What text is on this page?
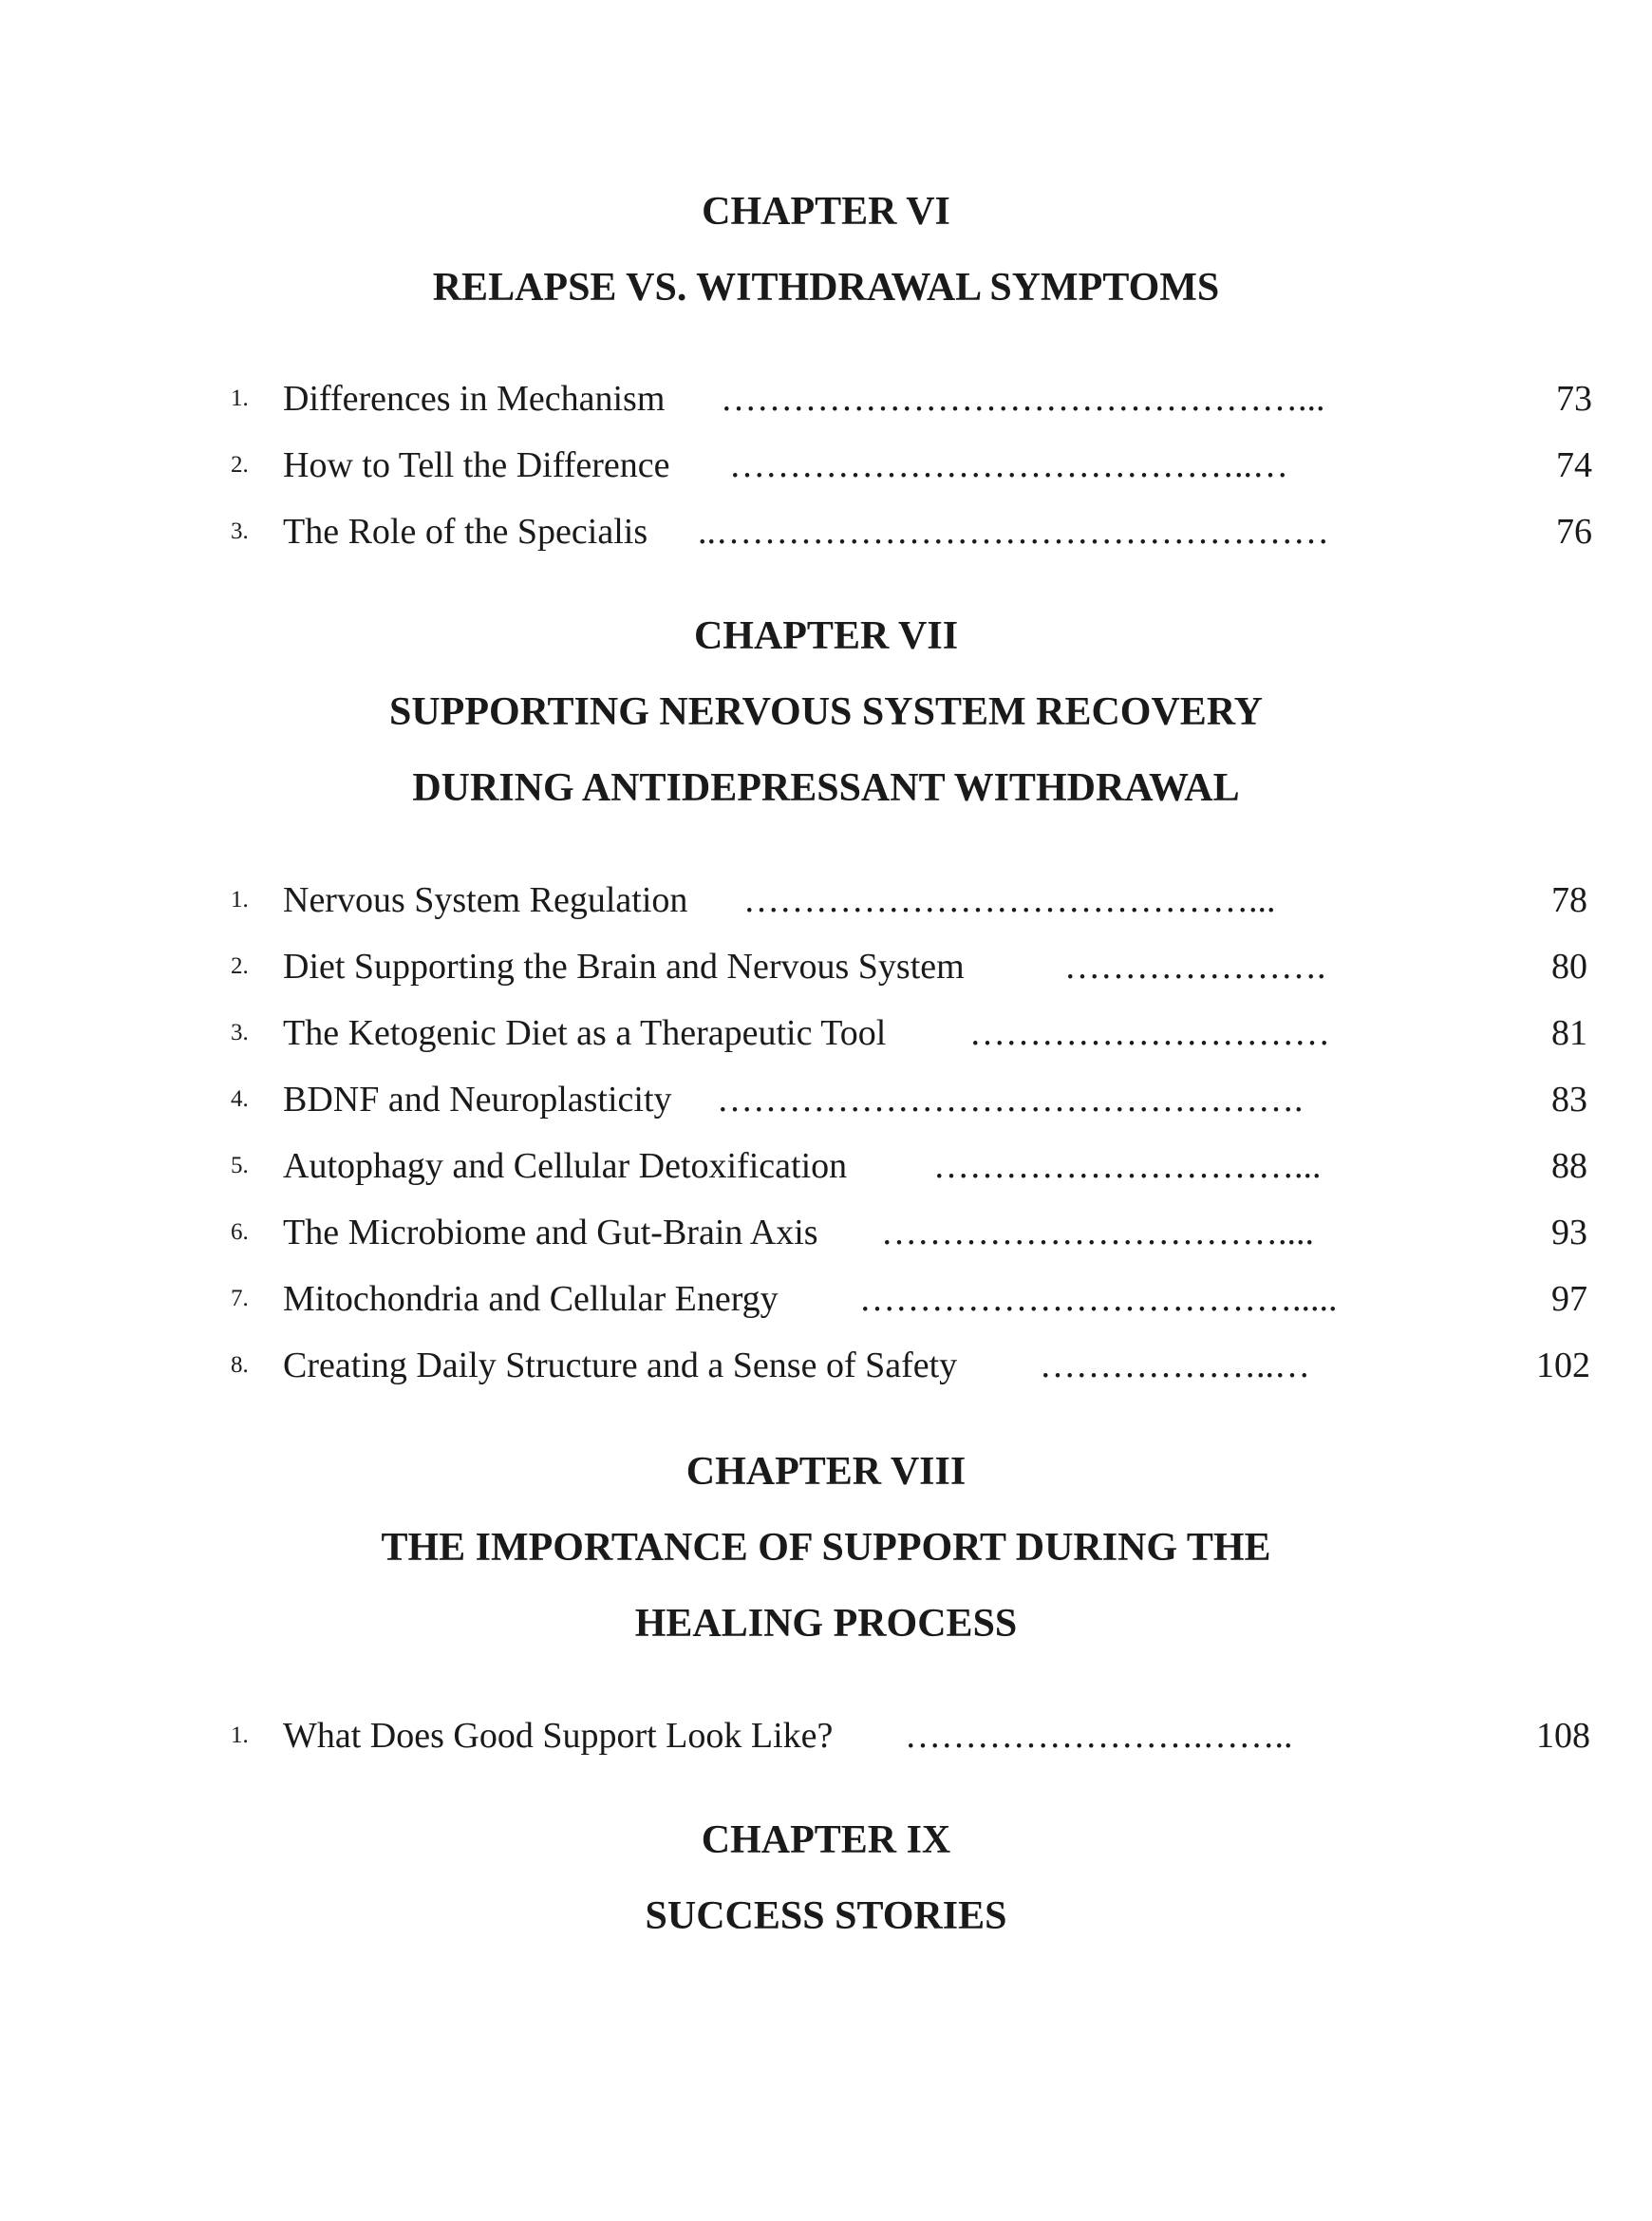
CHAPTER VI
RELAPSE VS. WITHDRAWAL SYMPTOMS
1. Differences in Mechanism …………………………………………...	73
2. How to Tell the Difference ……………………………………..…	74
3. The Role of the Specialis ..……………………………………………	76
CHAPTER VII
SUPPORTING NERVOUS SYSTEM RECOVERY
DURING ANTIDEPRESSANT WITHDRAWAL
1. Nervous System Regulation ……………………………………...	78
2. Diet Supporting the Brain and Nervous System	………………….	80
3. The Ketogenic Diet as a Therapeutic Tool …………………………	81
4. BDNF and Neuroplasticity ………………………………………….	83
5. Autophagy and Cellular Detoxification …………………………...	88
6. The Microbiome and Gut-Brain Axis ……………………………....	93
7. Mitochondria and Cellular Energy ……………………………….....	97
8. Creating Daily Structure and a Sense of Safety ………………..…	102
CHAPTER VIII
THE IMPORTANCE OF SUPPORT DURING THE
HEALING PROCESS
1. What Does Good Support Look Like? …………………….……..	108
CHAPTER IX
SUCCESS STORIES
